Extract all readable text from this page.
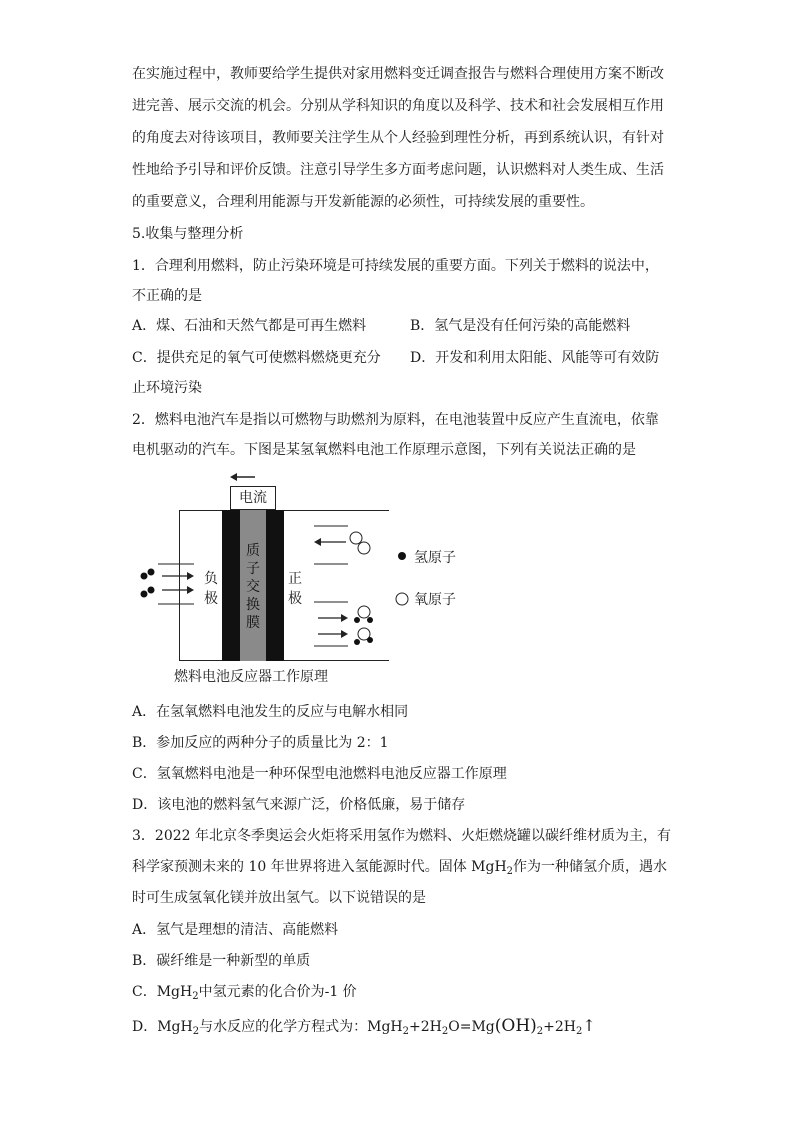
在实施过程中，教师要给学生提供对家用燃料变迁调查报告与燃料合理使用方案不断改
进完善、展示交流的机会。分别从学科知识的角度以及科学、技术和社会发展相互作用
的角度去对待该项目，教师要关注学生从个人经验到理性分析，再到系统认识，有针对
性地给予引导和评价反馈。注意引导学生多方面考虑问题，认识燃料对人类生成、生活
的重要意义，合理利用能源与开发新能源的必须性，可持续发展的重要性。
5.收集与整理分析
1．合理利用燃料，防止污染环境是可持续发展的重要方面。下列关于燃料的说法中，
不正确的是
A．煤、石油和天然气都是可再生燃料	B．氢气是没有任何污染的高能燃料
C．提供充足的氧气可使燃料燃烧更充分 D．开发和利用太阳能、风能等可有效防
止环境污染
2．燃料电池汽车是指以可燃物与助燃剂为原料，在电池装置中反应产生直流电，依靠
电机驱动的汽车。下图是某氢氧燃料电池工作原理示意图，下列有关说法正确的是
电流
质
子
交
换
膜
负
极
正
极
氢原子
氧原子
燃料电池反应器工作原理
A．在氢氧燃料电池发生的反应与电解水相同
B．参加反应的两种分子的质量比为 2：1
C．氢氧燃料电池是一种环保型电池燃料电池反应器工作原理
D．该电池的燃料氢气来源广泛，价格低廉，易于储存
3．2022 年北京冬季奥运会火炬将采用氢作为燃料、火炬燃烧罐以碳纤维材质为主，有
科学家预测未来的 10 年世界将进入氢能源时代。固体 MgH$_2$作为一种储氢介质，遇水
时可生成氢氧化镁并放出氢气。以下说错误的是
A．氢气是理想的清洁、高能燃料
B．碳纤维是一种新型的单质
C．MgH$_2$中氢元素的化合价为-1 价
D．MgH$_2$与水反应的化学方程式为：$MgH_2+2H_2O=Mg(OH)_2+2H_2↑$
